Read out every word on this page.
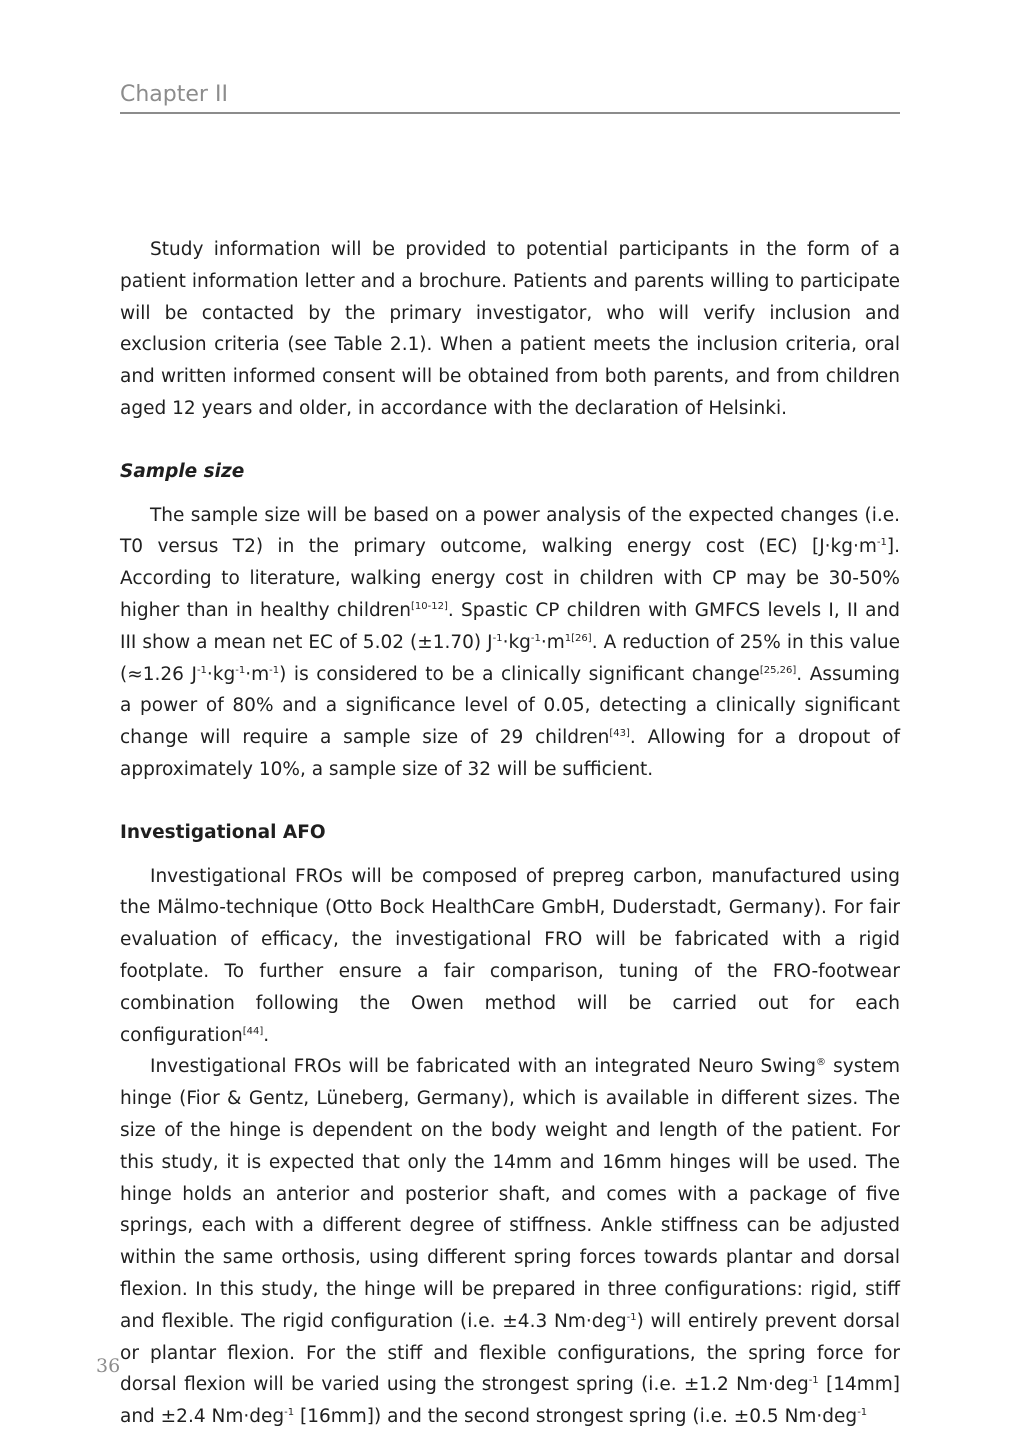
Chapter II

Study information will be provided to potential participants in the form of a patient information letter and a brochure. Patients and parents willing to participate will be contacted by the primary investigator, who will verify inclusion and exclusion criteria (see Table 2.1). When a patient meets the inclusion criteria, oral and written informed consent will be obtained from both parents, and from children aged 12 years and older, in accordance with the declaration of Helsinki.

Sample size

The sample size will be based on a power analysis of the expected changes (i.e. T0 versus T2) in the primary outcome, walking energy cost (EC) $[J\cdot kg\cdot m^{-1}]$. According to literature, walking energy cost in children with CP may be 30-50% higher than in healthy children[10-12]. Spastic CP children with GMFCS levels I, II and III show a mean net EC of 5.02 (±1.70) $J^{-1}\cdot kg^{-1}\cdot m^{1[26]}$. A reduction of 25% in this value (≈1.26 $J^{-1}\cdot kg^{-1}\cdot m^{-1}$) is considered to be a clinically significant change[25,26]. Assuming a power of 80% and a significance level of 0.05, detecting a clinically significant change will require a sample size of 29 children[43]. Allowing for a dropout of approximately 10%, a sample size of 32 will be sufficient.

Investigational AFO

Investigational FROs will be composed of prepreg carbon, manufactured using the Mälmo-technique (Otto Bock HealthCare GmbH, Duderstadt, Germany). For fair evaluation of efficacy, the investigational FRO will be fabricated with a rigid footplate. To further ensure a fair comparison, tuning of the FRO-footwear combination following the Owen method will be carried out for each configuration[44].

Investigational FROs will be fabricated with an integrated Neuro Swing® system hinge (Fior & Gentz, Lüneberg, Germany), which is available in different sizes. The size of the hinge is dependent on the body weight and length of the patient. For this study, it is expected that only the 14mm and 16mm hinges will be used. The hinge holds an anterior and posterior shaft, and comes with a package of five springs, each with a different degree of stiffness. Ankle stiffness can be adjusted within the same orthosis, using different spring forces towards plantar and dorsal flexion. In this study, the hinge will be prepared in three configurations: rigid, stiff and flexible. The rigid configuration (i.e. ±4.3 Nm·deg$^{-1}$) will entirely prevent dorsal or plantar flexion. For the stiff and flexible configurations, the spring force for dorsal flexion will be varied using the strongest spring (i.e. ±1.2 Nm·deg$^{-1}$ [14mm] and ±2.4 Nm·deg$^{-1}$ [16mm]) and the second strongest spring (i.e. ±0.5 Nm·deg$^{-1}$

36
